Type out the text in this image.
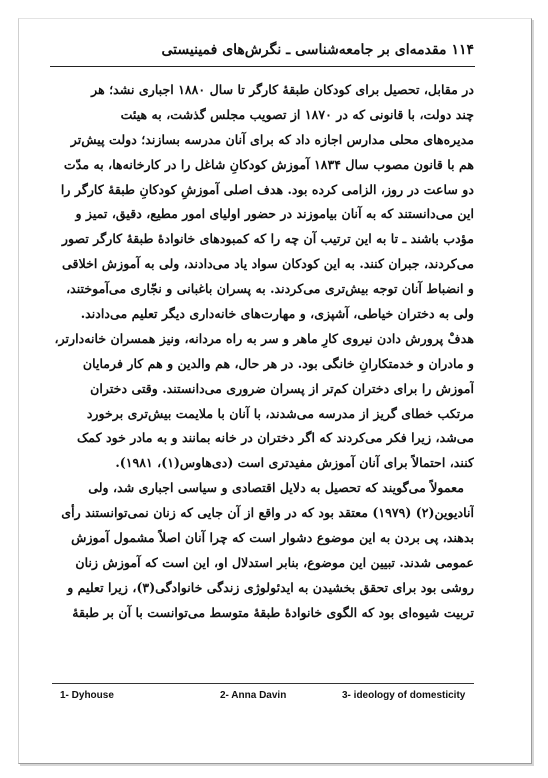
۱۱۴ مقدمه‌ای بر جامعه‌شناسی ـ نگرش‌های فمینیستی
در مقابل، تحصیل برای کودکان طبقهٔ کارگر تا سال ۱۸۸۰ اجباری نشد؛ هر
چند دولت، با قانونی که در ۱۸۷۰ از تصویب مجلس گذشت، به هیئت
مدیره‌های محلی مدارس اجازه داد که برای آنان مدرسه بسازند؛ دولت پیش‌تر
هم با قانون مصوب سال ۱۸۳۴ آموزش کودکانِ شاغل را در کارخانه‌ها، به مدّت
دو ساعت در روز، الزامی کرده بود. هدف اصلی آموزشِ کودکانِ طبقهٔ کارگر را
این می‌دانستند که به آنان بیاموزند در حضور اولیای امور مطیع، دقیق، تمیز و
مؤدب باشند ـ تا به این ترتیب آن چه را که کمبودهای خانوادهٔ طبقهٔ کارگر تصور
می‌کردند، جبران کنند. به این کودکان سواد یاد می‌دادند، ولی به آموزش اخلاقی
و انضباط آنان توجه بیش‌تری می‌کردند. به پسران باغبانی و نجّاری می‌آموختند،
ولی به دختران خیاطی، آشپزی، و مهارت‌های خانه‌داری دیگر تعلیم می‌دادند.
هدفْ پرورش دادن نیروی کارِ ماهر و سر به راه مردانه، ونیز همسران خانه‌دارتر،
و مادران و خدمتکارانِ خانگی بود. در هر حال، هم والدین و هم کار فرمایان
آموزش را برای دختران کم‌تر از پسران ضروری می‌دانستند. وقتی دختران
مرتکب خطای گریز از مدرسه می‌شدند، با آنان با ملایمت بیش‌تری برخورد
می‌شد، زیرا فکر می‌کردند که اگر دختران در خانه بمانند و به مادر خود کمک
کنند، احتمالاً برای آنان آموزش مفیدتری است (دی‌هاوس(۱)، ۱۹۸۱).
معمولاً می‌گویند که تحصیل به دلایل اقتصادی و سیاسی اجباری شد، ولی
آنادیوین(۲) (۱۹۷۹) معتقد بود که در واقع از آن جایی که زنان نمی‌توانستند رأی
بدهند، پی بردن به این موضوع دشوار است که چرا آنان اصلاً مشمول آموزش
عمومی شدند. تبیین این موضوع، بنابر استدلال او، این است که آموزش زنان
روشی بود برای تحقق بخشیدن به ایدئولوژی زندگی خانوادگی(۳)، زیرا تعلیم و
تربیت شیوه‌ای بود که الگوی خانوادهٔ طبقهٔ متوسط می‌توانست با آن بر طبقهٔ
1- Dyhouse	2- Anna Davin	3- ideology of domesticity
